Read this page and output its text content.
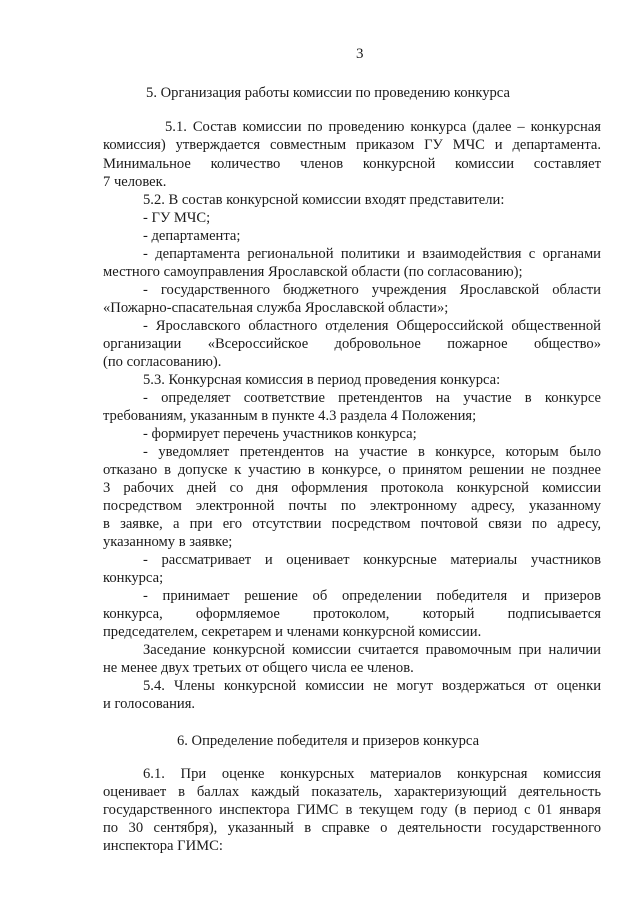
3
5. Организация работы комиссии по проведению конкурса
5.1. Состав комиссии по проведению конкурса (далее – конкурсная
комиссия) утверждается совместным приказом ГУ МЧС и департамента.
Минимальное количество членов конкурсной комиссии составляет
7 человек.
5.2. В состав конкурсной комиссии входят представители:
- ГУ МЧС;
- департамента;
- департамента региональной политики и взаимодействия с органами
местного самоуправления Ярославской области (по согласованию);
- государственного бюджетного учреждения Ярославской области
«Пожарно-спасательная служба Ярославской области»;
- Ярославского областного отделения Общероссийской общественной
организации «Всероссийское добровольное пожарное общество»
(по согласованию).
5.3. Конкурсная комиссия в период проведения конкурса:
- определяет соответствие претендентов на участие в конкурсе
требованиям, указанным в пункте 4.3 раздела 4 Положения;
- формирует перечень участников конкурса;
- уведомляет претендентов на участие в конкурсе, которым было
отказано в допуске к участию в конкурсе, о принятом решении не позднее
3 рабочих дней со дня оформления протокола конкурсной комиссии
посредством электронной почты по электронному адресу, указанному
в заявке, а при его отсутствии посредством почтовой связи по адресу,
указанному в заявке;
- рассматривает и оценивает конкурсные материалы участников
конкурса;
- принимает решение об определении победителя и призеров
конкурса, оформляемое протоколом, который подписывается
председателем, секретарем и членами конкурсной комиссии.
Заседание конкурсной комиссии считается правомочным при наличии
не менее двух третьих от общего числа ее членов.
5.4. Члены конкурсной комиссии не могут воздержаться от оценки
и голосования.
6. Определение победителя и призеров конкурса
6.1. При оценке конкурсных материалов конкурсная комиссия
оценивает в баллах каждый показатель, характеризующий деятельность
государственного инспектора ГИМС в текущем году (в период с 01 января
по 30 сентября), указанный в справке о деятельности государственного
инспектора ГИМС:
